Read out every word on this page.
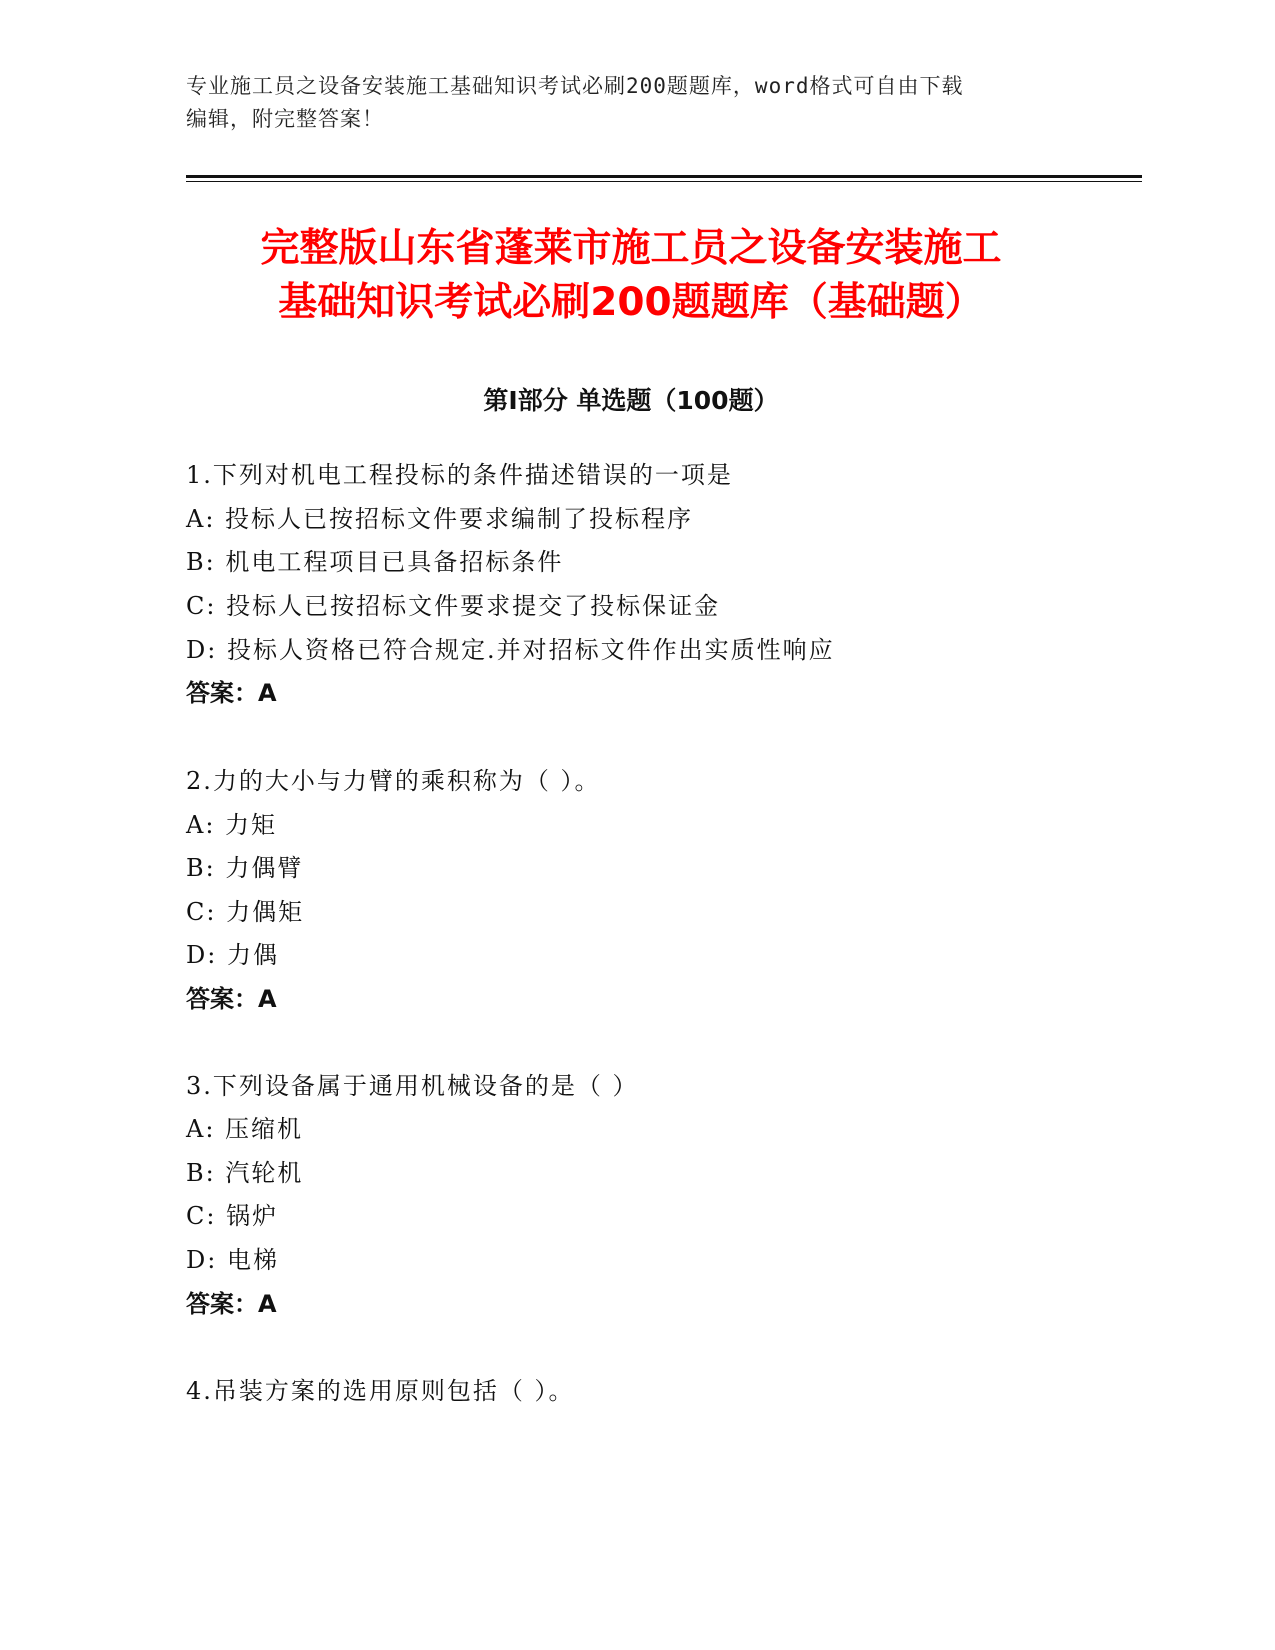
专业施工员之设备安装施工基础知识考试必刷200题题库，word格式可自由下载
编辑，附完整答案！
完整版山东省蓬莱市施工员之设备安装施工
基础知识考试必刷200题题库（基础题）
第Ⅰ部分 单选题（100题）
1.下列对机电工程投标的条件描述错误的一项是
A: 投标人已按招标文件要求编制了投标程序
B: 机电工程项目已具备招标条件
C: 投标人已按招标文件要求提交了投标保证金
D: 投标人资格已符合规定.并对招标文件作出实质性响应
答案：A
2.力的大小与力臂的乘积称为（ ）。
A: 力矩
B: 力偶臂
C: 力偶矩
D: 力偶
答案：A
3.下列设备属于通用机械设备的是（ ）
A: 压缩机
B: 汽轮机
C: 锅炉
D: 电梯
答案：A
4.吊装方案的选用原则包括（ ）。
